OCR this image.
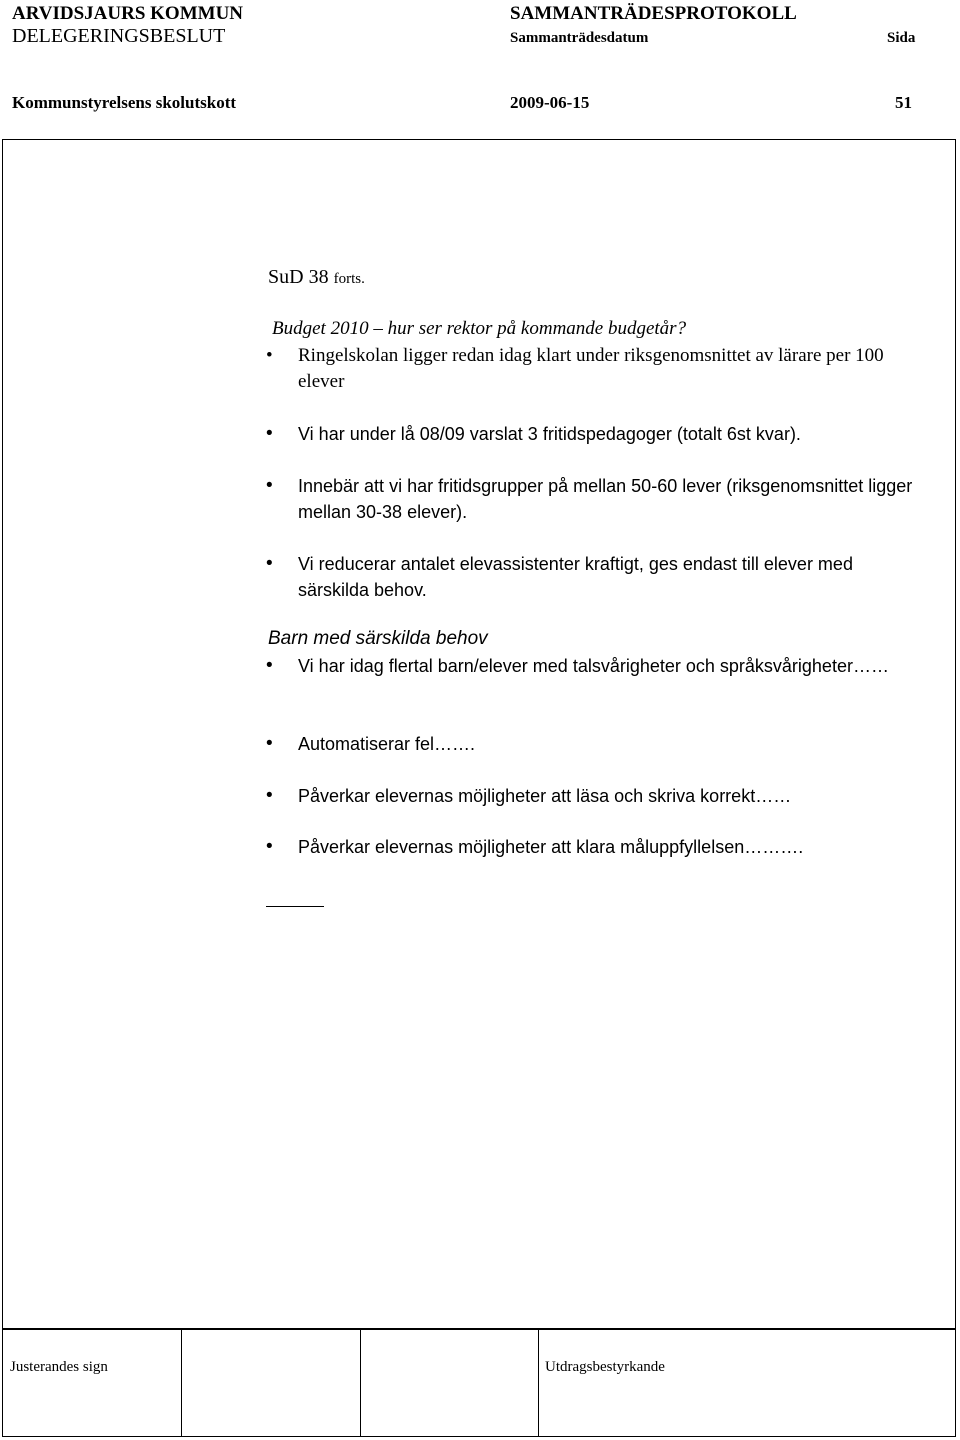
ARVIDSJAURS KOMMUN
DELEGERINGSBESLUT
SAMMANTRÄDESPROTOKOLL
Sammanträdesdatum	Sida
Kommunstyrelsens skolutskott	2009-06-15	51
SuD 38 forts.
Budget 2010 – hur ser rektor på kommande budgetår?
• Ringelskolan ligger redan idag klart under riksgenomsnittet av lärare per 100 elever
• Vi har under lå 08/09 varslat 3 fritidspedagoger (totalt 6st kvar).
• Innebär att vi har fritidsgrupper på mellan 50-60 lever (riksgenomsnittet ligger mellan 30-38 elever).
• Vi reducerar antalet elevassistenter kraftigt, ges endast till elever med särskilda behov.
Barn med särskilda behov
• Vi har idag flertal barn/elever med talsvårigheter och språksvårigheter……
• Automatiserar fel…….
• Påverkar elevernas möjligheter att läsa och skriva korrekt……
• Påverkar elevernas möjligheter att klara måluppfyllelsen……….
Justerandes sign	Utdragsbestyrkande
